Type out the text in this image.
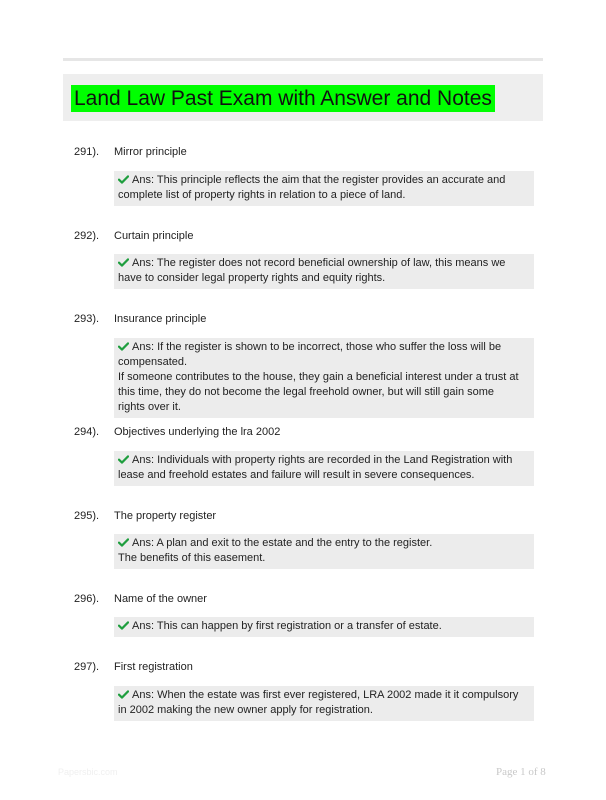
Land Law Past Exam with Answer and Notes
291). Mirror principle
Ans: This principle reflects the aim that the register provides an accurate and complete list of property rights in relation to a piece of land.
292). Curtain principle
Ans: The register does not record beneficial ownership of law, this means we have to consider legal property rights and equity rights.
293). Insurance principle
Ans: If the register is shown to be incorrect, those who suffer the loss will be compensated.
If someone contributes to the house, they gain a beneficial interest under a trust at this time, they do not become the legal freehold owner, but will still gain some rights over it.
294). Objectives underlying the lra 2002
Ans: Individuals with property rights are recorded in the Land Registration with lease and freehold estates and failure will result in severe consequences.
295). The property register
Ans: A plan and exit to the estate and the entry to the register.
The benefits of this easement.
296). Name of the owner
Ans: This can happen by first registration or a transfer of estate.
297). First registration
Ans: When the estate was first ever registered, LRA 2002 made it it compulsory in 2002 making the new owner apply for registration.
Papersbic.com	Page 1 of 8
